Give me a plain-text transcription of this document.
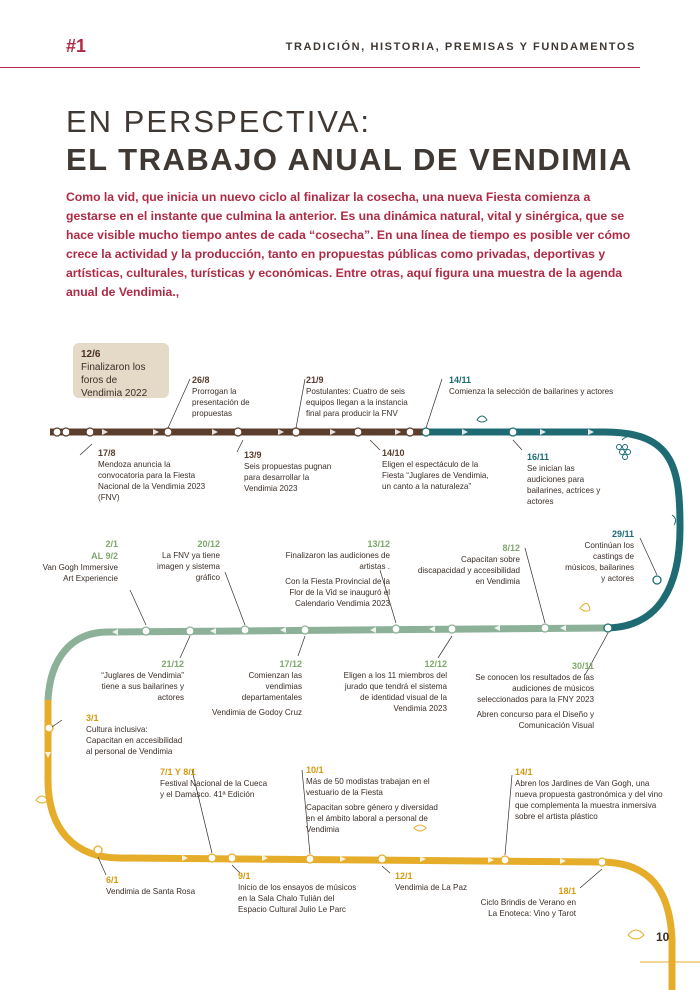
#1	TRADICIÓN, HISTORIA, PREMISAS Y FUNDAMENTOS
EN PERSPECTIVA:
EL TRABAJO ANUAL DE VENDIMIA
Como la vid, que inicia un nuevo ciclo al finalizar la cosecha, una nueva Fiesta comienza a gestarse en el instante que culmina la anterior. Es una dinámica natural, vital y sinérgica, que se hace visible mucho tiempo antes de cada “cosecha”. En una línea de tiempo es posible ver cómo crece la actividad y la producción, tanto en propuestas públicas como privadas, deportivas y artísticas, culturales, turísticas y económicas. Entre otras, aquí figura una muestra de la agenda anual de Vendimia.,
12/6
Finalizaron los foros de Vendimia 2022
17/8
Mendoza anuncia la convocatoria para la Fiesta Nacional de la Vendimia 2023 (FNV)
26/8
Prorrogan la presentación de propuestas
13/9
Seis propuestas pugnan para desarrollar la Vendimia 2023
21/9
Postulantes: Cuatro de seis equipos llegan a la instancia final para producir la FNV
14/10
Eligen el espectáculo de la Fiesta “Juglares de Vendimia, un canto a la naturaleza”
14/11
Comienza la selección de bailarines y actores
16/11
Se inician las audiciones para bailarines, actrices y actores
29/11
Continúan los castings de músicos, bailarines y actores
30/11

Se conocen los resultados de las audiciones de músicos seleccionados para la FNY 2023

Abren concurso para el Diseño y Comunicación Visual

8/12
Capacitan sobre discapacidad y accesibilidad en Vendimia
12/12
Eligen a los 11 miembros del jurado que tendrá el sistema de identidad visual de la Vendimia 2023
13/12

Finalizaron las audiciones de artistas .

Con la Fiesta Provincial de la Flor de la Vid se inauguró el Calendario Vendimia 2023

17/12

Comienzan las vendimias departamentales

Vendimia de Godoy Cruz

20/12
La FNV ya tiene imagen y sistema gráfico
21/12
“Juglares de Vendimia” tiene a sus bailarines y actores
2/1
AL 9/2
Van Gogh Immersive Art Experiencie
3/1
Cultura inclusiva: Capacitan en accesibilidad al personal de Vendimia
6/1
Vendimia de Santa Rosa
7/1 Y 8/1
Festival Nacional de la Cueca y el Damasco. 41ª Edición
9/1
Inicio de los ensayos de músicos en la Sala Chalo Tulián del Espacio Cultural Julio Le Parc
10/1

Más de 50 modistas trabajan en el vestuario de la Fiesta

Capacitan sobre género y diversidad en el ámbito laboral a personal de Vendimia

12/1
Vendimia de La Paz
14/1
Abren los Jardines de Van Gogh, una nueva propuesta gastronómica y del vino que complementa la muestra inmersiva sobre el artista plástico
18/1
Ciclo Brindis de Verano en La Enoteca: Vino y Tarot
10
